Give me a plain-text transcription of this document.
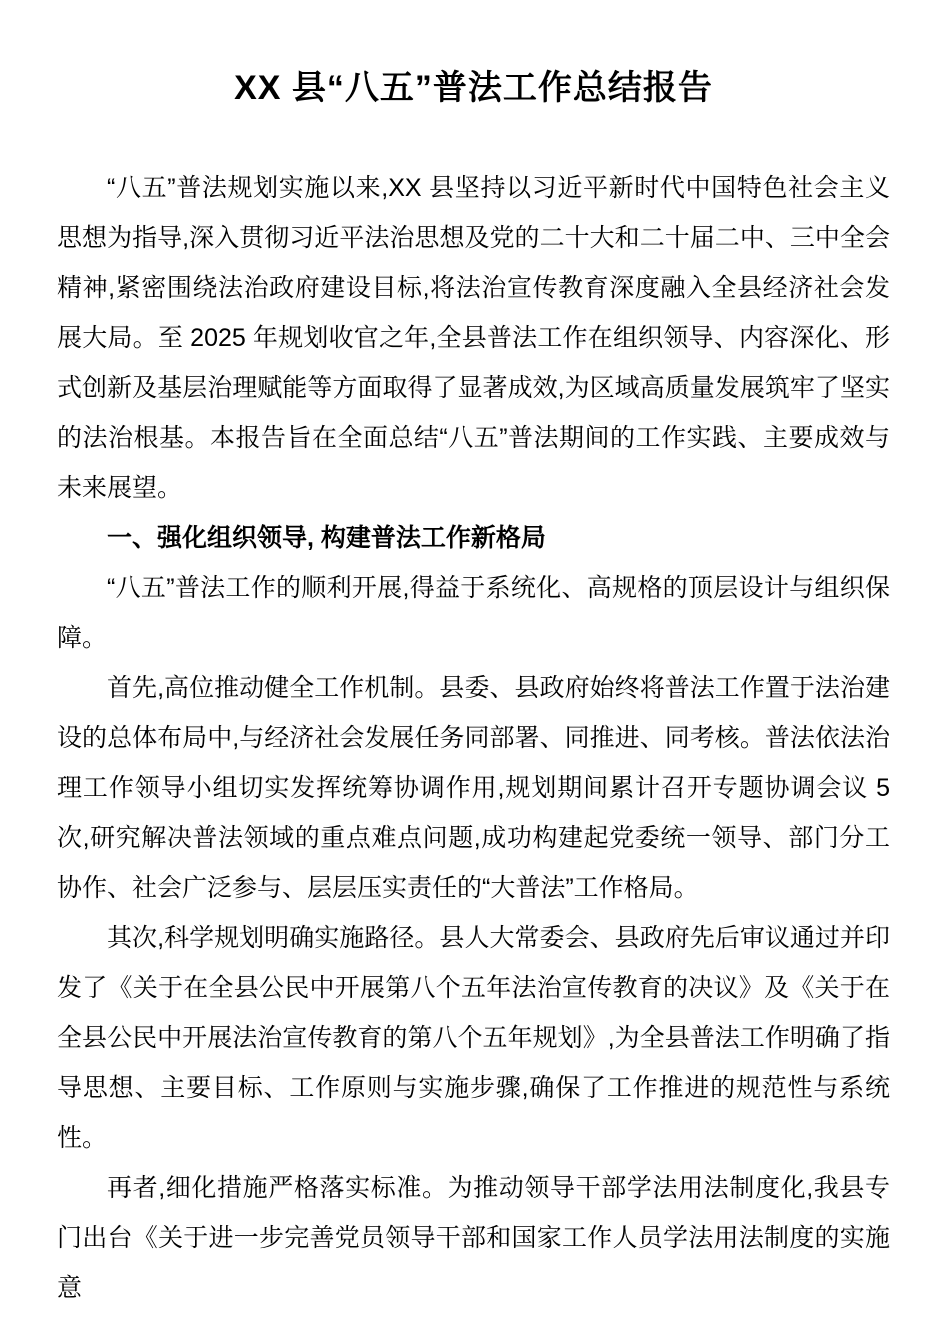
XX 县“八五”普法工作总结报告

“八五”普法规划实施以来,XX 县坚持以习近平新时代中国特色社会主义思想为指导,深入贯彻习近平法治思想及党的二十大和二十届二中、三中全会精神,紧密围绕法治政府建设目标,将法治宣传教育深度融入全县经济社会发展大局。至 2025 年规划收官之年,全县普法工作在组织领导、内容深化、形式创新及基层治理赋能等方面取得了显著成效,为区域高质量发展筑牢了坚实的法治根基。本报告旨在全面总结“八五”普法期间的工作实践、主要成效与未来展望。

一、强化组织领导, 构建普法工作新格局

“八五”普法工作的顺利开展,得益于系统化、高规格的顶层设计与组织保障。

首先,高位推动健全工作机制。县委、县政府始终将普法工作置于法治建设的总体布局中,与经济社会发展任务同部署、同推进、同考核。普法依法治理工作领导小组切实发挥统筹协调作用,规划期间累计召开专题协调会议 5 次,研究解决普法领域的重点难点问题,成功构建起党委统一领导、部门分工协作、社会广泛参与、层层压实责任的“大普法”工作格局。

其次,科学规划明确实施路径。县人大常委会、县政府先后审议通过并印发了《关于在全县公民中开展第八个五年法治宣传教育的决议》及《关于在全县公民中开展法治宣传教育的第八个五年规划》,为全县普法工作明确了指导思想、主要目标、工作原则与实施步骤,确保了工作推进的规范性与系统性。

再者,细化措施严格落实标准。为推动领导干部学法用法制度化,我县专门出台《关于进一步完善党员领导干部和国家工作人员学法用法制度的实施意
